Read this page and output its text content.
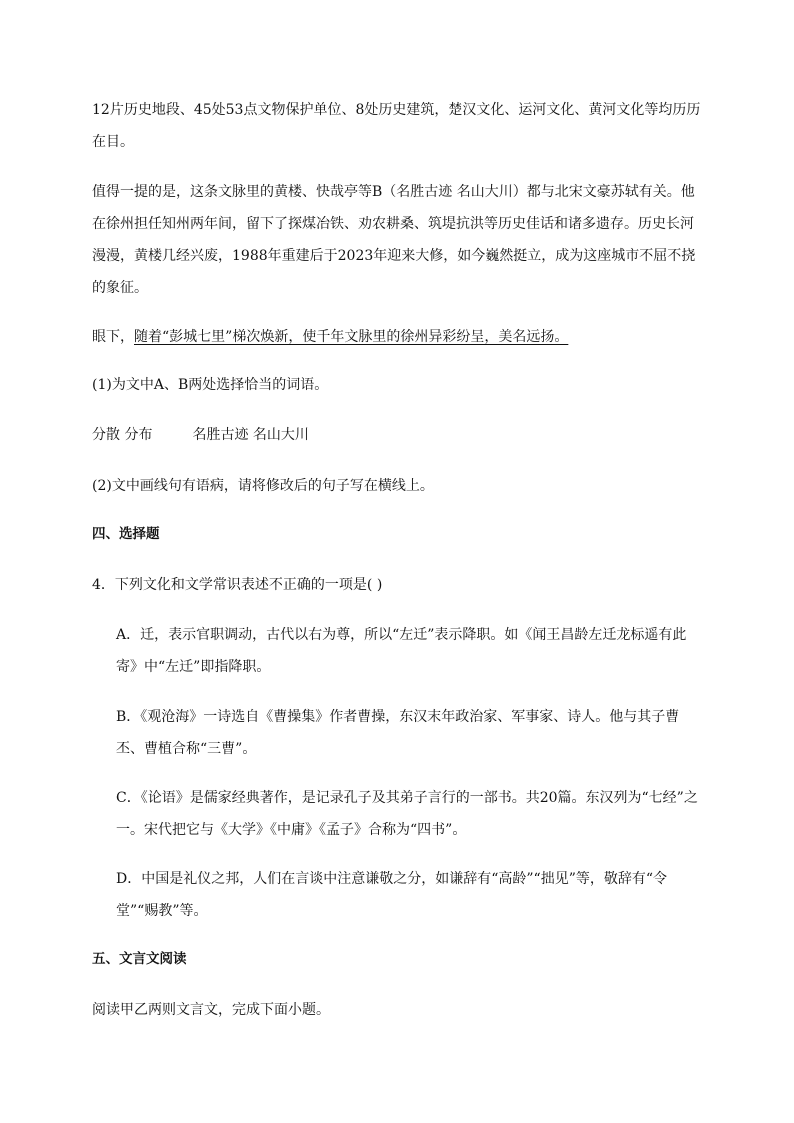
12片历史地段、45处53点文物保护单位、8处历史建筑，楚汉文化、运河文化、黄河文化等均历历在目。

值得一提的是，这条文脉里的黄楼、快哉亭等B（名胜古迹 名山大川）都与北宋文豪苏轼有关。他在徐州担任知州两年间，留下了探煤冶铁、劝农耕桑、筑堤抗洪等历史佳话和诸多遗存。历史长河漫漫，黄楼几经兴废，1988年重建后于2023年迎来大修，如今巍然挺立，成为这座城市不屈不挠的象征。

眼下，随着“彭城七里”梯次焕新，使千年文脉里的徐州异彩纷呈，美名远扬。

(1)为文中A、B两处选择恰当的词语。

分散 分布	名胜古迹 名山大川

(2)文中画线句有语病，请将修改后的句子写在横线上。

四、选择题

4．下列文化和文学常识表述不正确的一项是( )

A．迁，表示官职调动，古代以右为尊，所以“左迁”表示降职。如《闻王昌龄左迁龙标遥有此寄》中“左迁”即指降职。

B．《观沧海》一诗选自《曹操集》作者曹操，东汉末年政治家、军事家、诗人。他与其子曹丕、曹植合称“三曹”。

C．《论语》是儒家经典著作，是记录孔子及其弟子言行的一部书。共20篇。东汉列为“七经”之一。宋代把它与《大学》《中庸》《孟子》合称为“四书”。

D．中国是礼仪之邦，人们在言谈中注意谦敬之分，如谦辞有“高龄”“拙见”等，敬辞有“令堂”“赐教”等。

五、文言文阅读

阅读甲乙两则文言文，完成下面小题。
